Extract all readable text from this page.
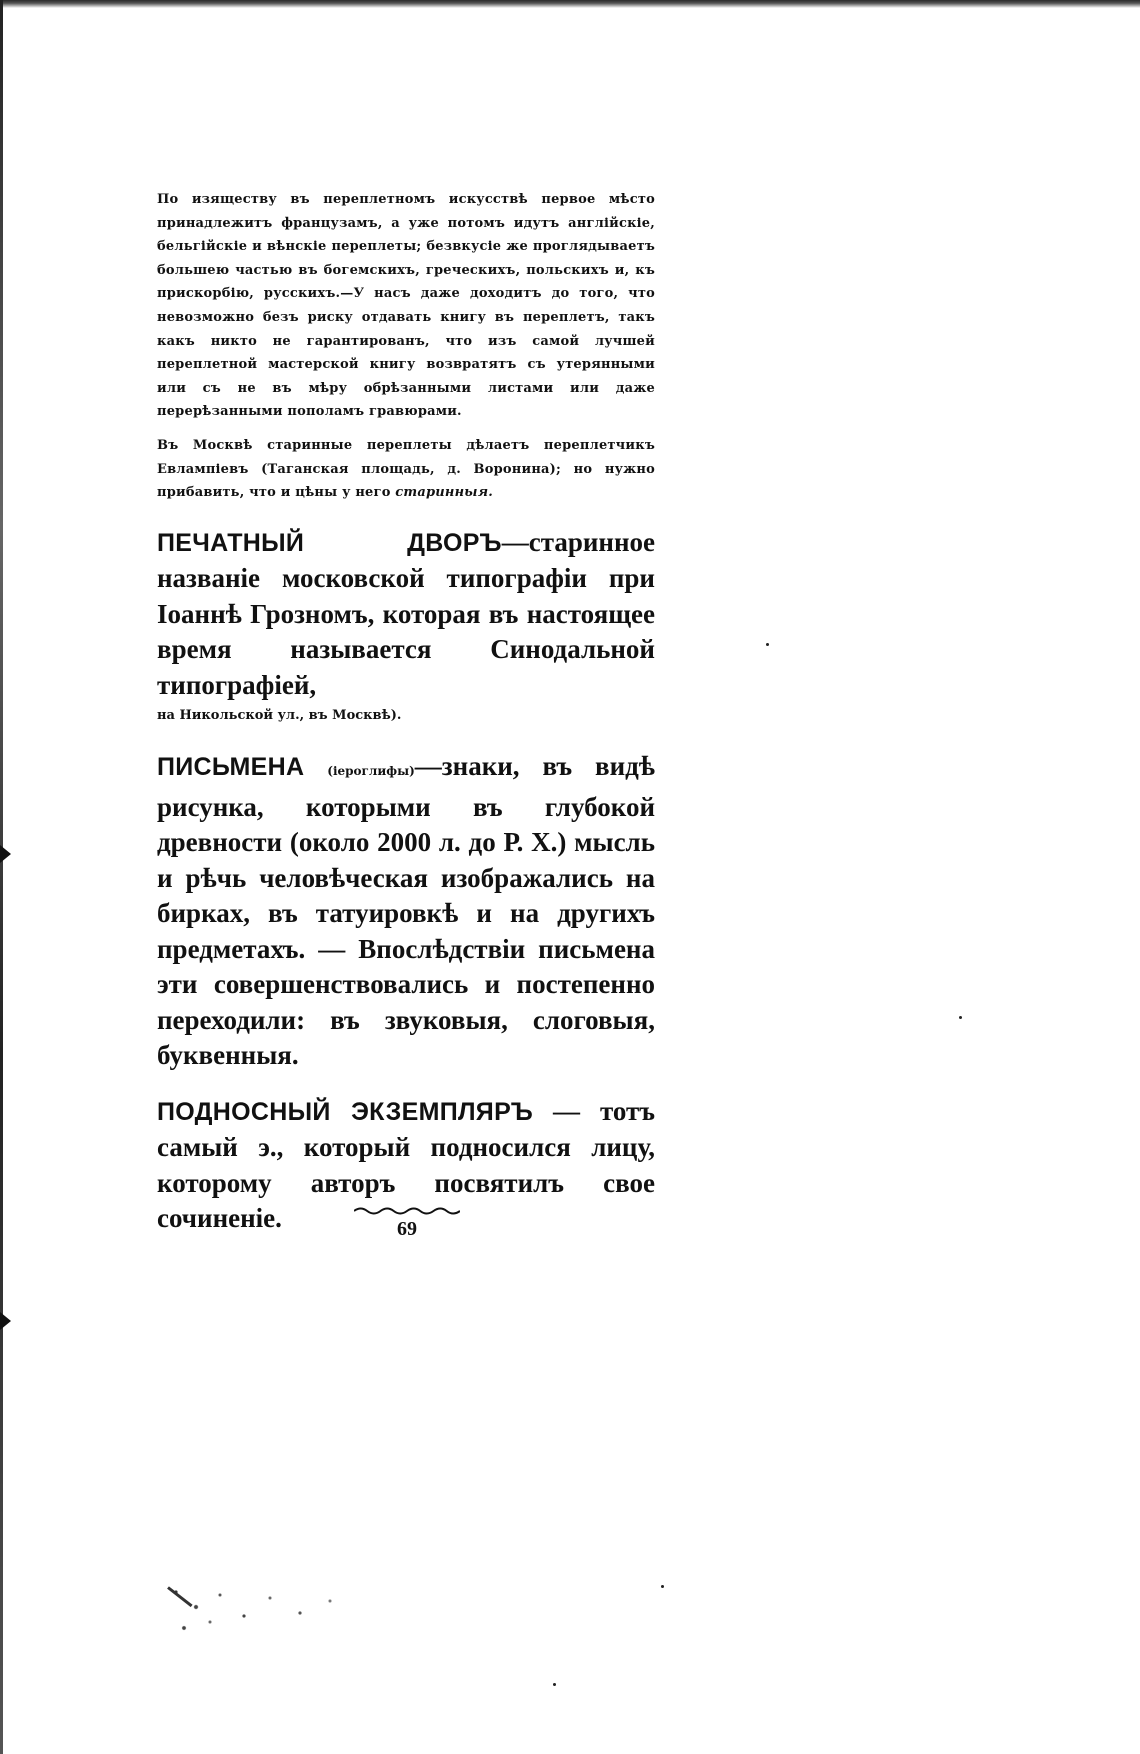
По изяществу въ переплетномъ искусствѣ первое мѣсто принадлежитъ французамъ, а уже потомъ идутъ англійскіе, бельгійскіе и вѣнскіе переплеты; безвкусіе же проглядываетъ большею частью въ богемскихъ, греческихъ, польскихъ и, къ прискорбію, русскихъ.—У насъ даже доходитъ до того, что невозможно безъ риску отдавать книгу въ переплетъ, такъ какъ никто не гарантированъ, что изъ самой лучшей переплетной мастерской книгу возвратятъ съ утерянными или съ не въ мѣру обрѣзанными листами или даже перерѣзанными пополамъ гравюрами.

Въ Москвѣ старинные переплеты дѣлаетъ переплетчикъ Евлампіевъ (Таганская площадь, д. Воронина); но нужно прибавить, что и цѣны у него старинныя.

ПЕЧАТНЫЙ ДВОРЪ—старинное названіе московской типографіи при Іоаннѣ Грозномъ, которая въ настоящее время называется Синодальной типографіей,
на Никольской ул., въ Москвѣ).

ПИСЬМЕНА (іероглифы)—знаки, въ видѣ рисунка, которыми въ глубокой древности (около 2000 л. до Р. Х.) мысль и рѣчь человѣческая изображались на бирках, въ татуировкѣ и на другихъ предметахъ. — Впослѣдствіи письмена эти совершенствовались и постепенно переходили: въ звуковыя, слоговыя, буквенныя.

ПОДНОСНЫЙ ЭКЗЕМПЛЯРЪ — тотъ самый э., который подносился лицу, которому авторъ посвятилъ свое сочиненіе.	69
